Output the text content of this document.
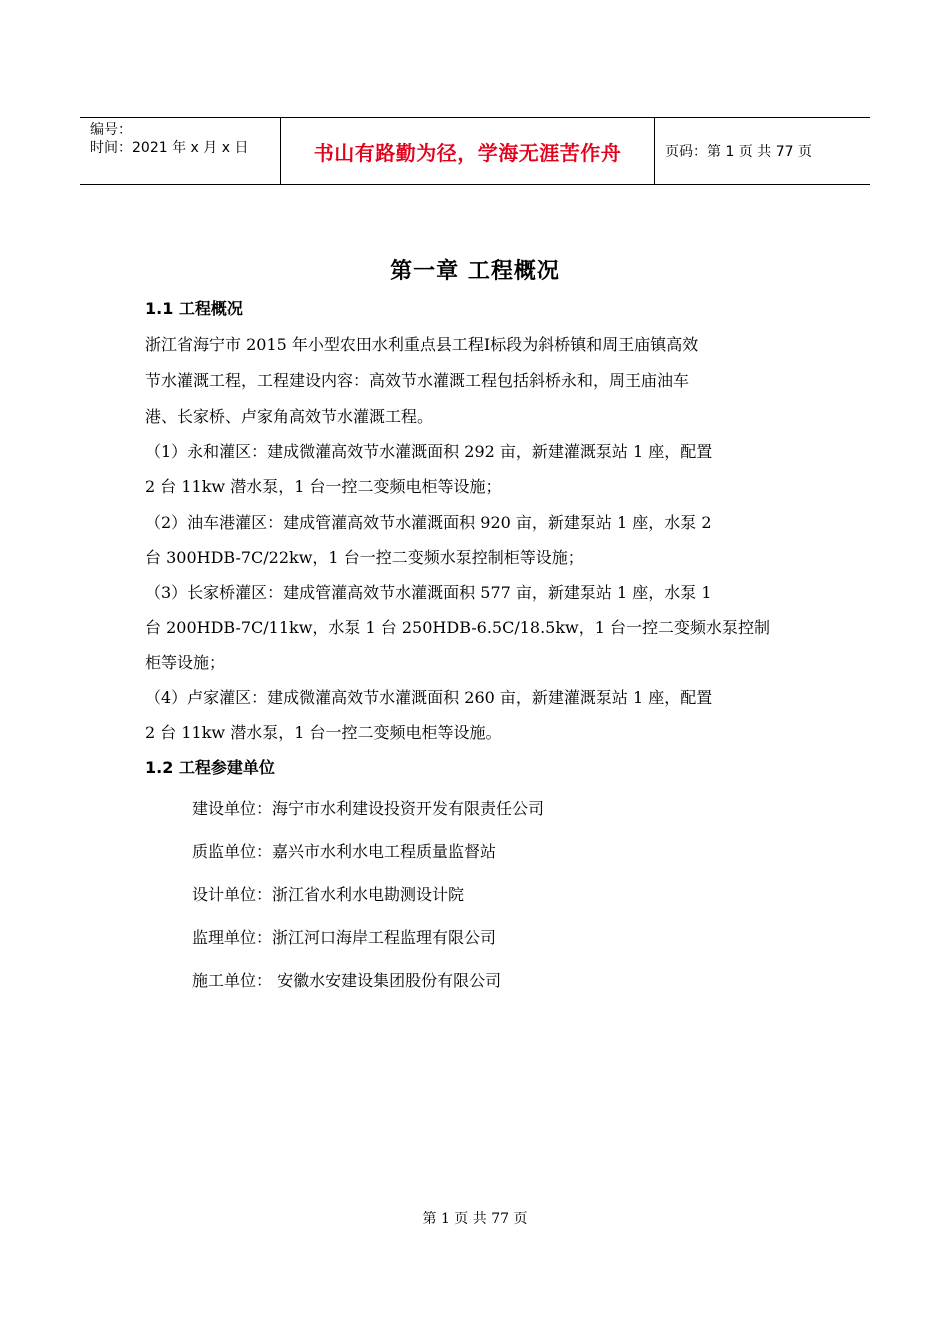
编号：
时间：2021 年 x 月 x 日	书山有路勤为径，学海无涯苦作舟	页码：第 1 页 共 77 页
第一章 工程概况
1.1 工程概况
浙江省海宁市 2015 年小型农田水利重点县工程Ⅰ标段为斜桥镇和周王庙镇高效
节水灌溉工程，工程建设内容：高效节水灌溉工程包括斜桥永和，周王庙油车
港、长家桥、卢家角高效节水灌溉工程。
（1）永和灌区：建成微灌高效节水灌溉面积 292 亩，新建灌溉泵站 1 座，配置
2 台 11kw 潜水泵，1 台一控二变频电柜等设施；
（2）油车港灌区：建成管灌高效节水灌溉面积 920 亩，新建泵站 1 座，水泵 2
台 300HDB-7C/22kw，1 台一控二变频水泵控制柜等设施；
（3）长家桥灌区：建成管灌高效节水灌溉面积 577 亩，新建泵站 1 座，水泵 1
台 200HDB-7C/11kw，水泵 1 台 250HDB-6.5C/18.5kw，1 台一控二变频水泵控制
柜等设施；
（4）卢家灌区：建成微灌高效节水灌溉面积 260 亩，新建灌溉泵站 1 座，配置
2 台 11kw 潜水泵，1 台一控二变频电柜等设施。
1.2 工程参建单位
建设单位：海宁市水利建设投资开发有限责任公司
质监单位：嘉兴市水利水电工程质量监督站
设计单位：浙江省水利水电勘测设计院
监理单位：浙江河口海岸工程监理有限公司
施工单位： 安徽水安建设集团股份有限公司
第 1 页 共 77 页
